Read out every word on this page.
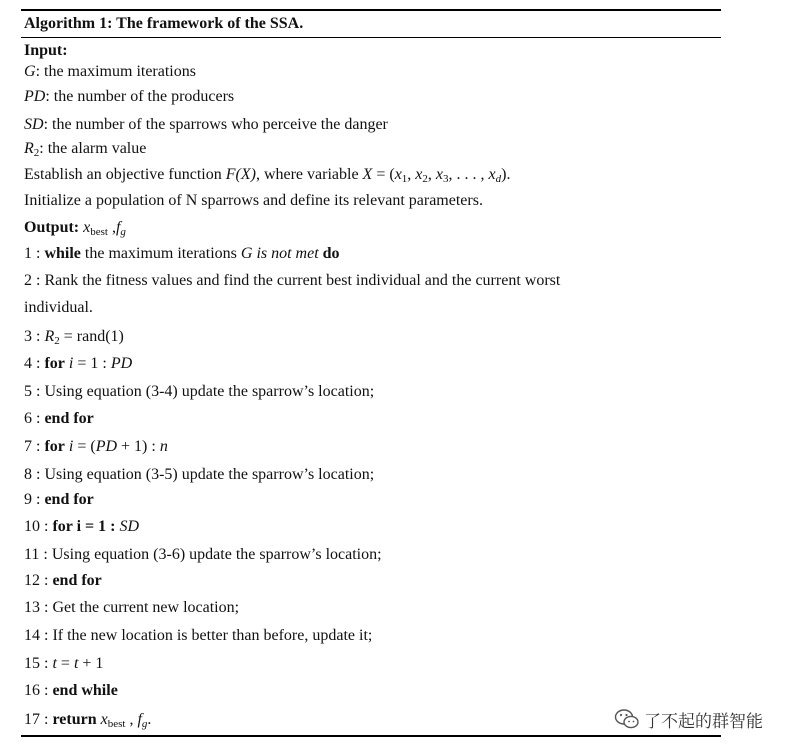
Algorithm 1: The framework of the SSA.
Input:
G: the maximum iterations
PD: the number of the producers
SD: the number of the sparrows who perceive the danger
$R_2$: the alarm value
Establish an objective function F(X), where variable $X = (x_1$, $x_2$, $x_3$, . . . , $x_d$).
Initialize a population of N sparrows and define its relevant parameters.
Output: $x_{best}$ $,f_g$
1 : while the maximum iterations G is not met do
2 : Rank the fitness values and find the current best individual and the current worst
individual.
3 : $R_2$ = rand(1)
4 : for i = 1 : PD
5 : Using equation (3-4) update the sparrow’s location;
6 : end for
7 : for i = (PD + 1) : n
8 : Using equation (3-5) update the sparrow’s location;
9 : end for
10 : for i = 1 : SD
11 : Using equation (3-6) update the sparrow’s location;
12 : end for
13 : Get the current new location;
14 : If the new location is better than before, update it;
15 : t = t + 1
16 : end while
17 : return $x_{best}$ , $f_g$.	了不起的群智能
